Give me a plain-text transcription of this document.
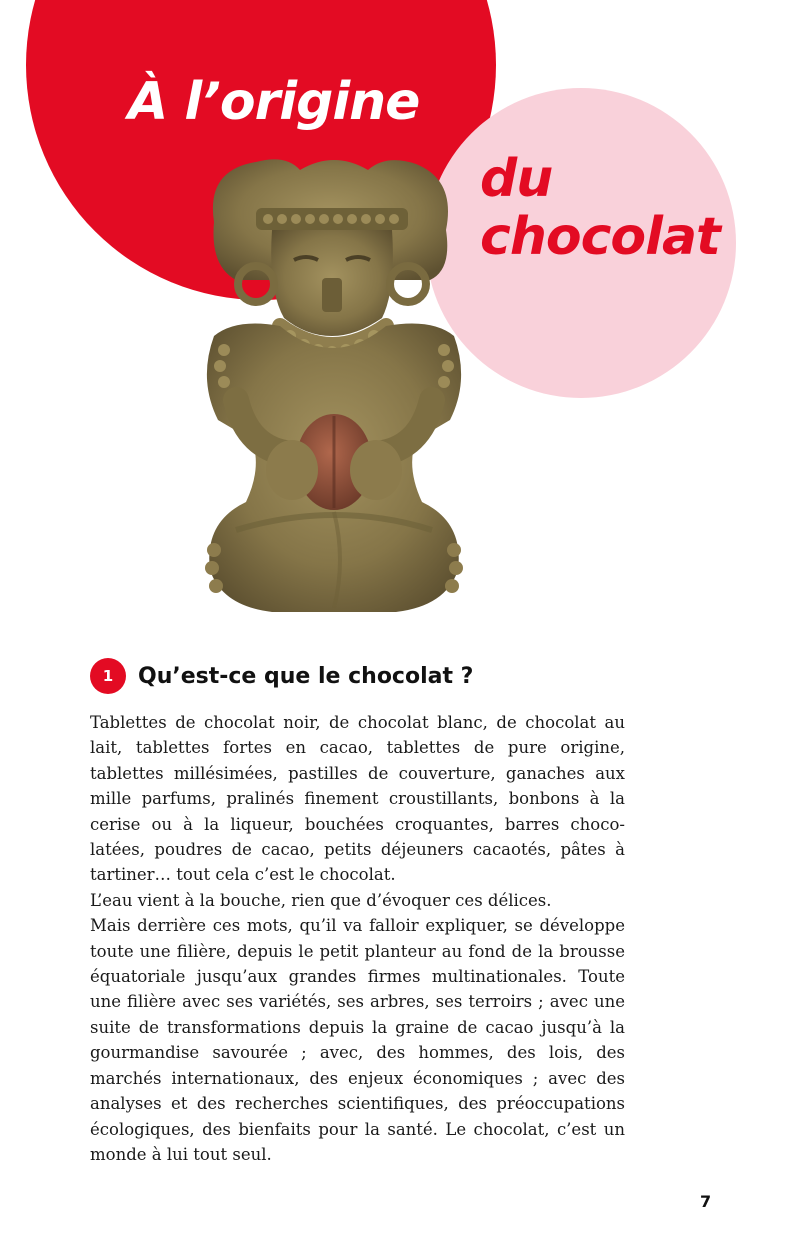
À l’origine
du
chocolat
1	Qu’est-ce que le chocolat ?

Tablettes de chocolat noir, de chocolat blanc, de chocolat au lait, tablettes fortes en cacao, tablettes de pure origine, tablettes millésimées, pastilles de couverture, ganaches aux mille parfums, pralinés finement croustillants, bonbons à la cerise ou à la liqueur, bouchées croquantes, barres chocolatées, poudres de cacao, petits déjeuners cacaotés, pâtes à tartiner… tout cela c’est le chocolat.

L’eau vient à la bouche, rien que d’évoquer ces délices.

Mais derrière ces mots, qu’il va falloir expliquer, se développe toute une filière, depuis le petit planteur au fond de la brousse équatoriale jusqu’aux grandes firmes multinationales. Toute une filière avec ses variétés, ses arbres, ses terroirs ; avec une suite de transformations depuis la graine de cacao jusqu’à la gourmandise savourée ; avec, des hommes, des lois, des marchés internationaux, des enjeux économiques ; avec des analyses et des recherches scientifiques, des préoccupations écologiques, des bienfaits pour la santé. Le chocolat, c’est un monde à lui tout seul.

7
